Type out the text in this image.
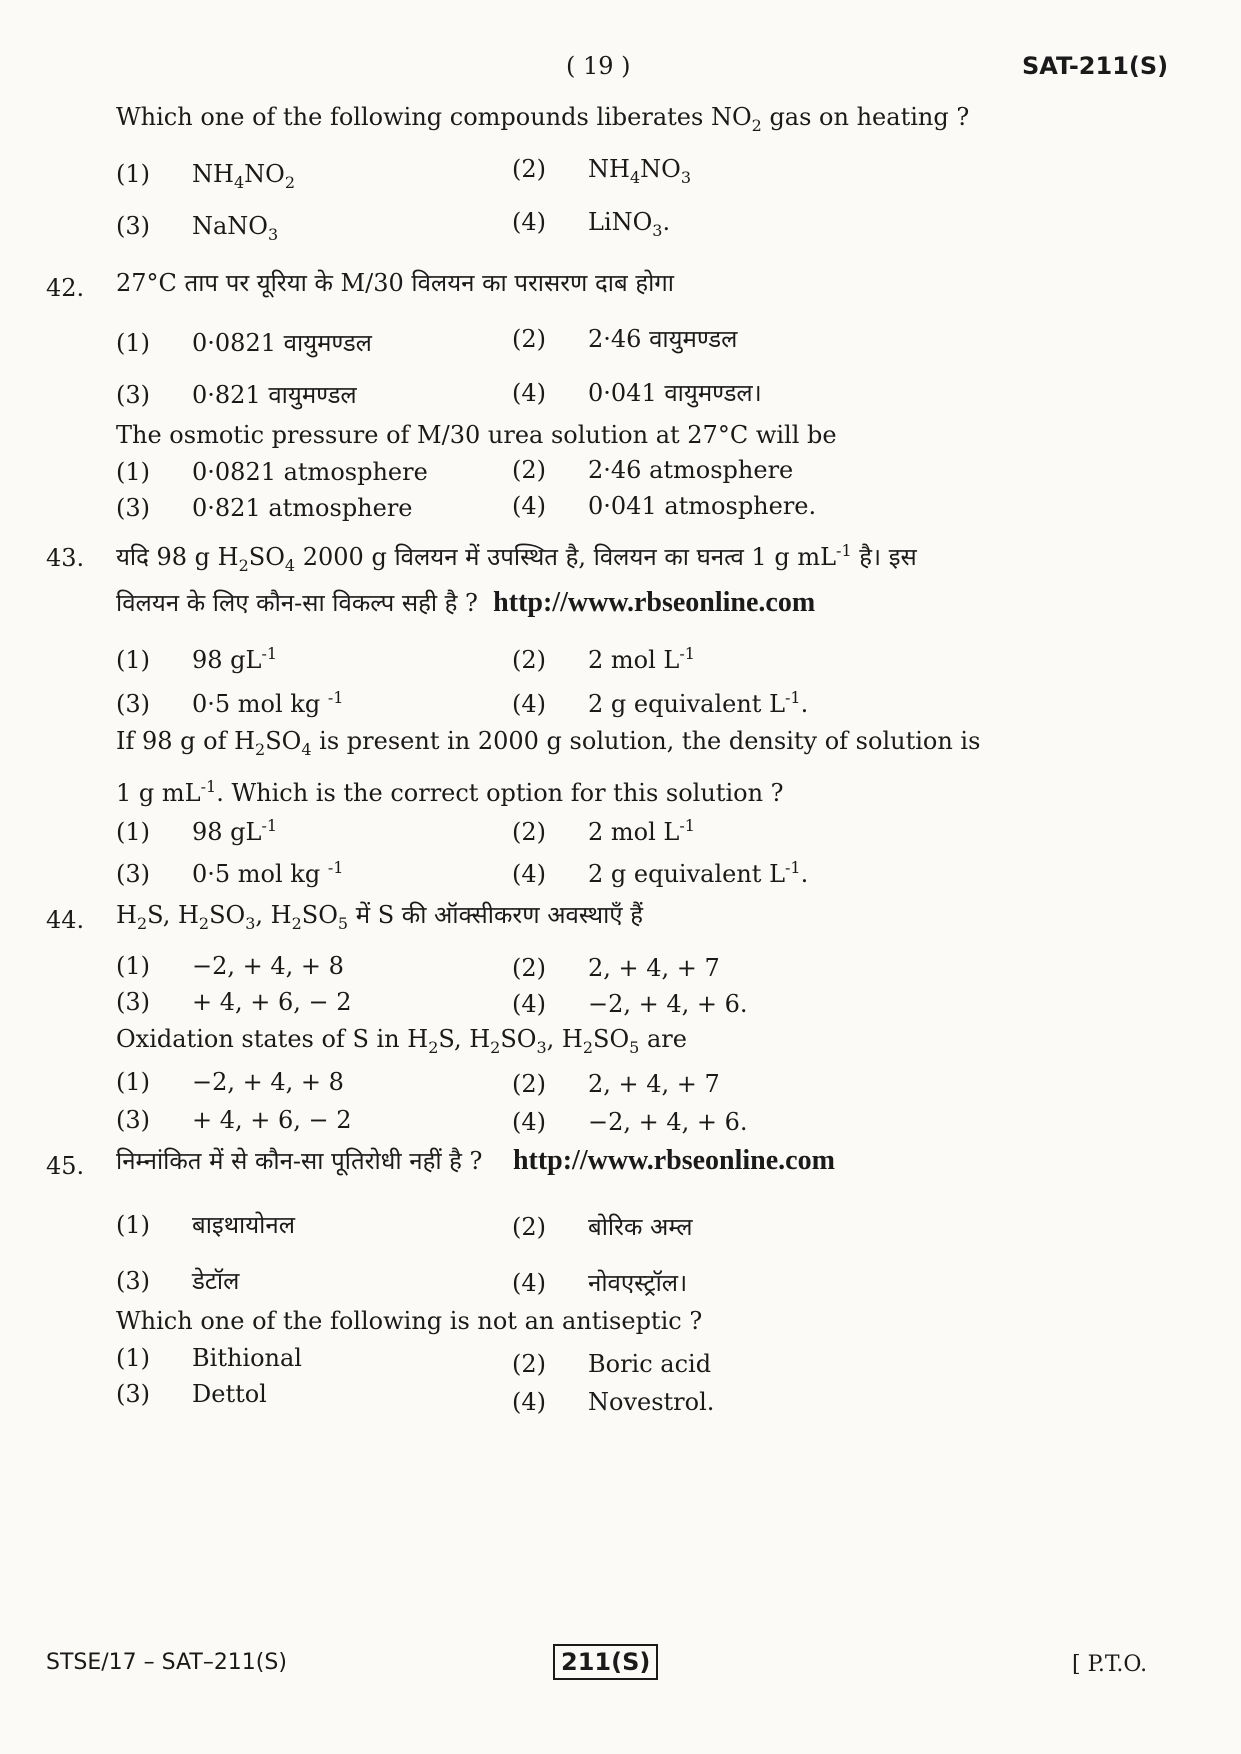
( 19 )	SAT-211(S)
Which one of the following compounds liberates $NO_2$ gas on heating ?
(1) $NH_4NO_2$	(2) $NH_4NO_3$
(3) NaNO$_3$	(4) LiNO$_3$.
42. 27°C ताप पर यूरिया के M/30 विलयन का परासरण दाब होगा
(1) 0·0821 वायुमण्डल	(2) 2·46 वायुमण्डल
(3) 0·821 वायुमण्डल	(4) 0·041 वायुमण्डल।
The osmotic pressure of M/30 urea solution at 27°C will be
(1) 0·0821 atmosphere	(2) 2·46 atmosphere
(3) 0·821 atmosphere	(4) 0·041 atmosphere.
43. यदि 98 g $H_2SO_4$ 2000 g विलयन में उपस्थित है, विलयन का घनत्व 1 g $mL^{-1}$ है। इस
विलयन के लिए कौन-सा विकल्प सही है ? http://www.rbseonline.com
(1) 98 $gL^{-1}$	(2) 2 mol $L^{-1}$
(3) 0·5 mol kg $^{-1}$	(4) 2 g equivalent $L^{-1}$.
If 98 g of $H_2SO_4$ is present in 2000 g solution, the density of solution is
1 g $mL^{-1}$. Which is the correct option for this solution ?
(1) 98 $gL^{-1}$	(2) 2 mol $L^{-1}$
(3) 0·5 mol kg $^{-1}$	(4) 2 g equivalent $L^{-1}$.
44. $H_2S$, $H_2SO_3$, $H_2SO_5$ में S की ऑक्सीकरण अवस्थाएँ हैं
(1) −2, + 4, + 8	(2) 2, + 4, + 7
(3) + 4, + 6, − 2	(4) −2, + 4, + 6.
Oxidation states of S in $H_2S$, $H_2SO_3$, $H_2SO_5$ are
(1) −2, + 4, + 8	(2) 2, + 4, + 7
(3) + 4, + 6, − 2	(4) −2, + 4, + 6.
45. निम्नांकित में से कौन-सा पूतिरोधी नहीं है ? http://www.rbseonline.com
(1) बाइथायोनल	(2) बोरिक अम्ल
(3) डेटॉल	(4) नोवएस्ट्रॉल।
Which one of the following is not an antiseptic ?
(1) Bithional	(2) Boric acid
(3) Dettol	(4) Novestrol.
STSE/17 – SAT–211(S)	211(S)	[ P.T.O.
